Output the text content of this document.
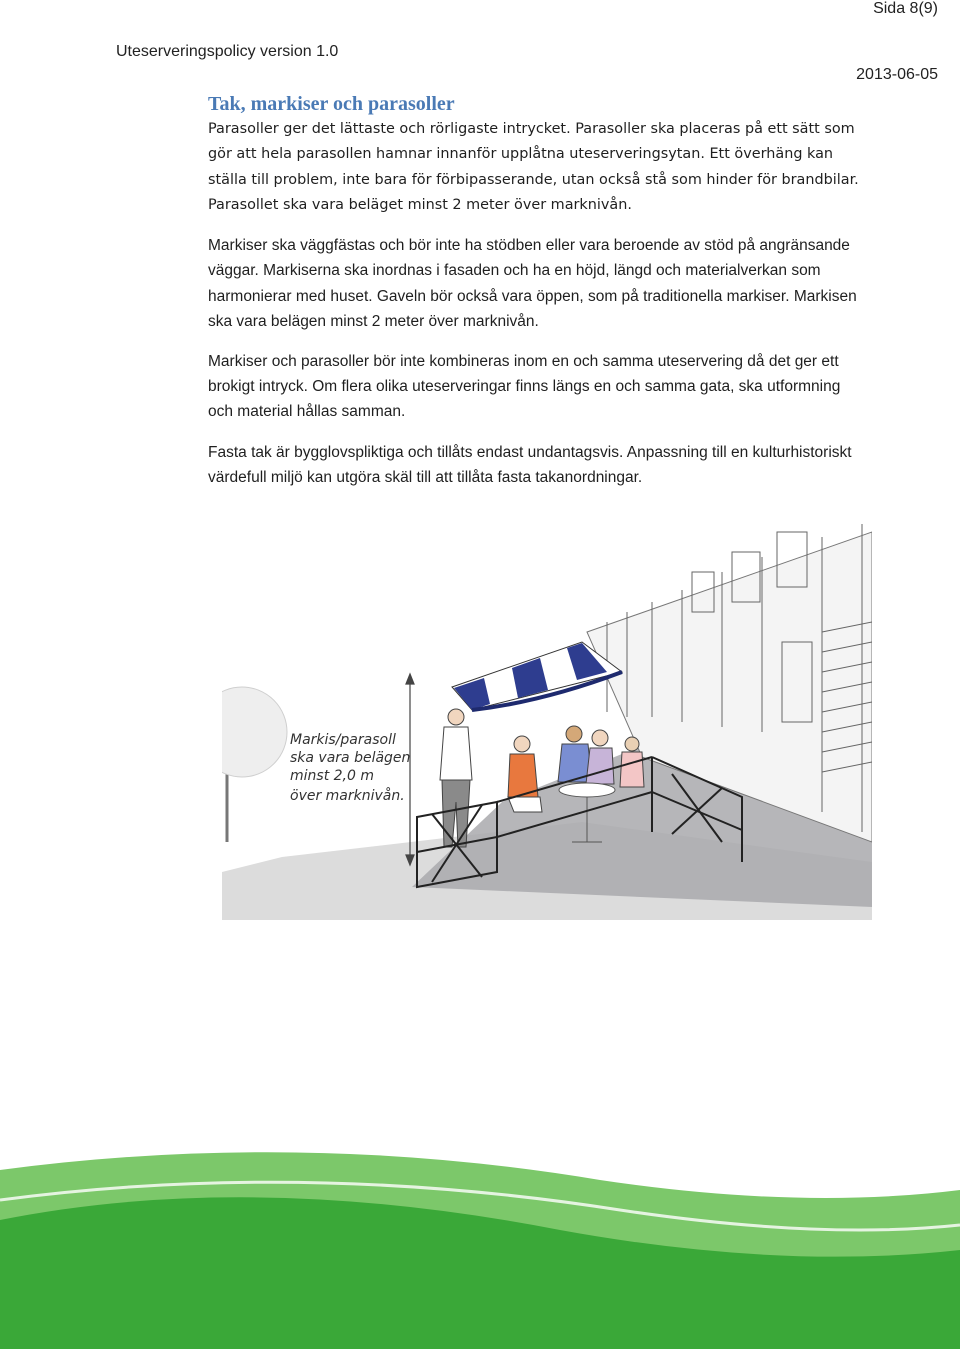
Sida 8(9)
Uteserveringspolicy version 1.0
2013-06-05
Tak, markiser och parasoller

Parasoller ger det lättaste och rörligaste intrycket. Parasoller ska placeras på ett sätt som gör att hela parasollen hamnar innanför upplåtna uteserveringsytan. Ett överhäng kan ställa till problem, inte bara för förbipasserande, utan också stå som hinder för brandbilar. Parasollet ska vara beläget minst 2 meter över marknivån.

Markiser ska väggfästas och bör inte ha stödben eller vara beroende av stöd på angränsande väggar. Markiserna ska inordnas i fasaden och ha en höjd, längd och materialverkan som harmonierar med huset. Gaveln bör också vara öppen, som på traditionella markiser. Markisen ska vara belägen minst 2 meter över marknivån.

Markiser och parasoller bör inte kombineras inom en och samma uteservering då det ger ett brokigt intryck. Om flera olika uteserveringar finns längs en och samma gata, ska utformning och material hållas samman.

Fasta tak är bygglovspliktiga och tillåts endast undantagsvis. Anpassning till en kulturhistoriskt värdefull miljö kan utgöra skäl till att tillåta fasta takanordningar.

Markis/parasoll
ska vara belägen
minst 2,0 m
över marknivån.
